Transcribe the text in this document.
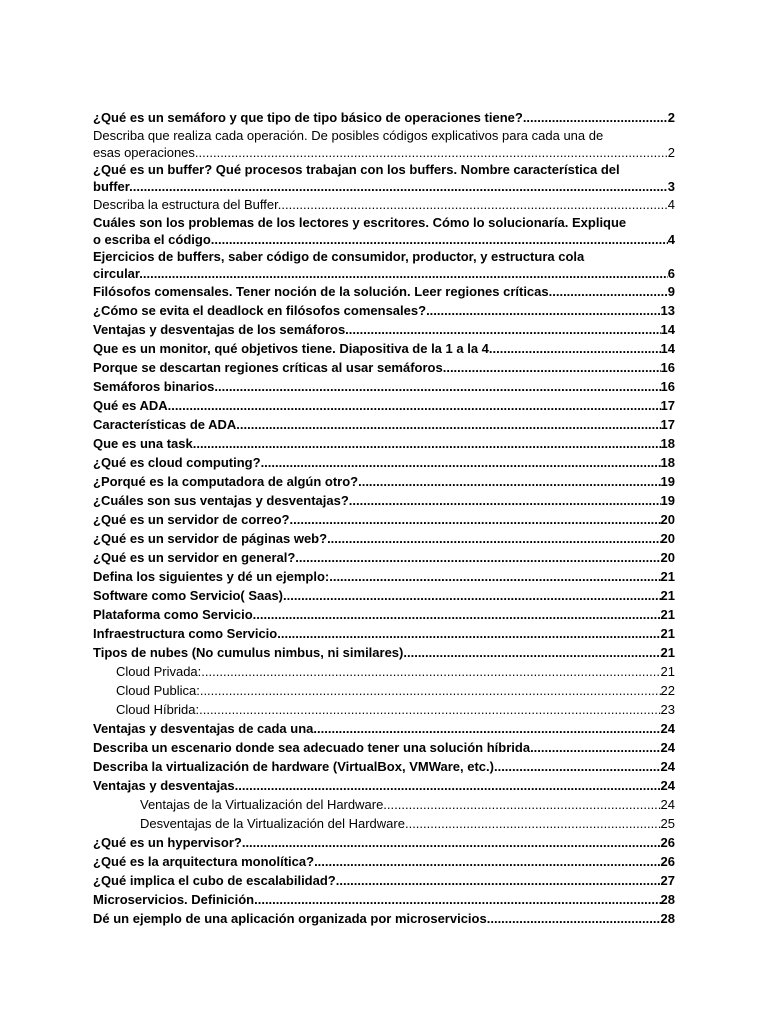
¿Qué es un semáforo y que tipo de tipo básico de operaciones tiene? .....	2
Describa que realiza cada operación. De posibles códigos explicativos para cada una de
esas operaciones .....	2
¿Qué es un buffer? Qué procesos trabajan con los buffers. Nombre característica del
buffer. .....	3
Describa la estructura del Buffer. .....	4
Cuáles son los problemas de los lectores y escritores. Cómo lo solucionaría. Explique
o escriba el código. .....	4
Ejercicios de buffers, saber código de consumidor, productor, y estructura cola
circular. .....	6
Filósofos comensales. Tener noción de la solución. Leer regiones críticas .....	9
¿Cómo se evita el deadlock en filósofos comensales? .....	13
Ventajas y desventajas de los semáforos. .....	14
Que es un monitor, qué objetivos tiene. Diapositiva de la 1 a la 4. .....	14
Porque se descartan regiones críticas al usar semáforos .....	16
Semáforos binarios .....	16
Qué es ADA .....	17
Características de ADA. .....	17
Que es una task .....	18
¿Qué es cloud computing? .....	18
¿Porqué es la computadora de algún otro? .....	19
¿Cuáles son sus ventajas y desventajas? .....	19
¿Qué es un servidor de correo? .....	20
¿Qué es un servidor de páginas web? .....	20
¿Qué es un servidor en general? .....	20
Defina los siguientes y dé un ejemplo: .....	21
Software como Servicio( Saas) .....	21
Plataforma como Servicio .....	21
Infraestructura como Servicio .....	21
Tipos de nubes (No cumulus nimbus, ni similares) .....	21
Cloud Privada: .....	21
Cloud Publica: .....	22
Cloud Híbrida: .....	23
Ventajas y desventajas de cada una. .....	24
Describa un escenario donde sea adecuado tener una solución híbrida .....	24
Describa la virtualización de hardware (VirtualBox, VMWare, etc.). .....	24
Ventajas y desventajas .....	24
Ventajas de la Virtualización del Hardware .....	24
Desventajas de la Virtualización del Hardware .....	25
¿Qué es un hypervisor? .....	26
¿Qué es la arquitectura monolítica? .....	26
¿Qué implica el cubo de escalabilidad? .....	27
Microservicios. Definición .....	28
Dé un ejemplo de una aplicación organizada por microservicios. .....	28
